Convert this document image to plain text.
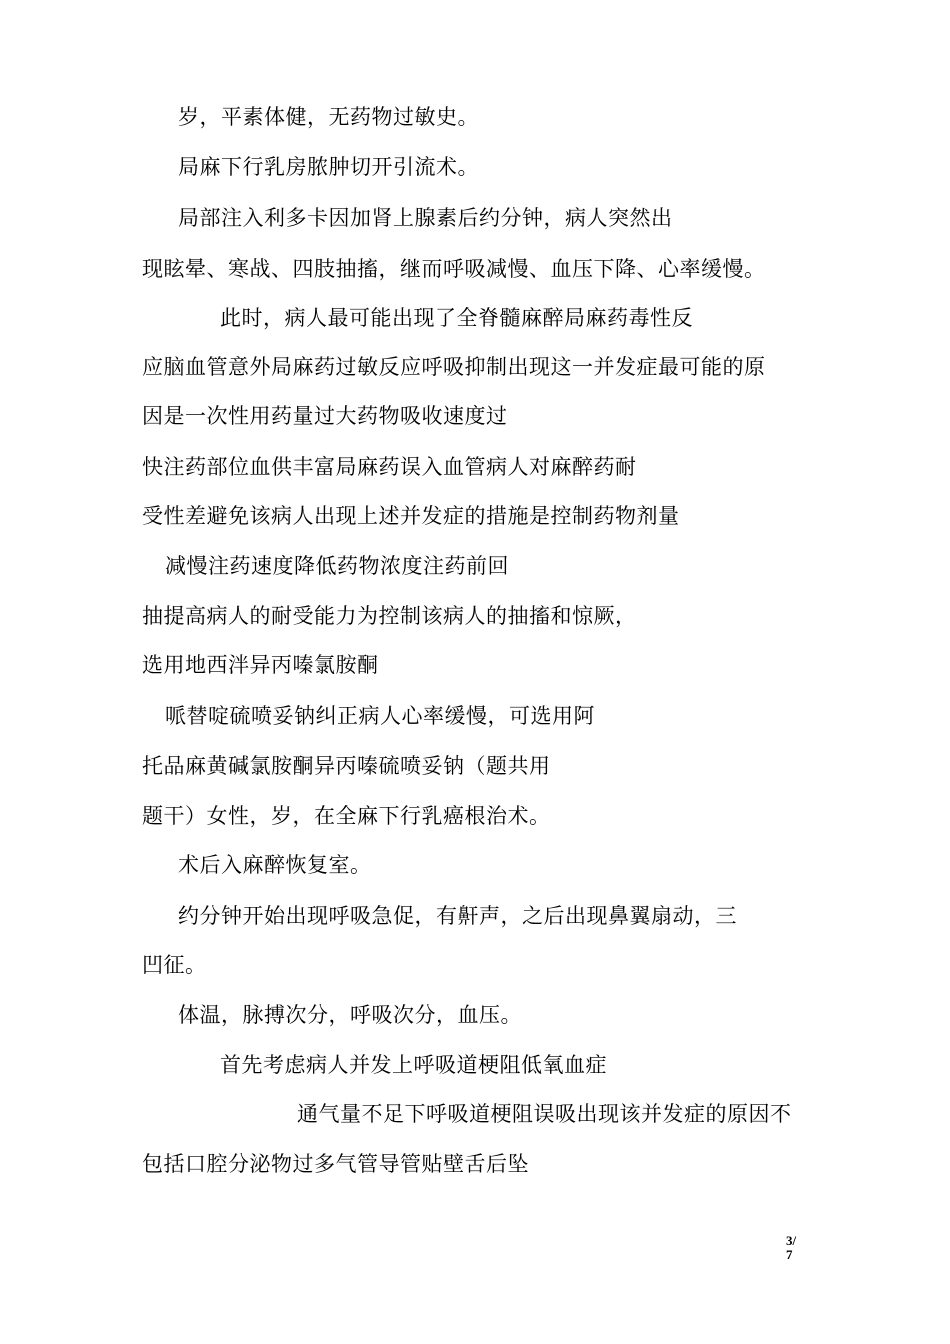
岁，平素体健，无药物过敏史。
局麻下行乳房脓肿切开引流术。
局部注入利多卡因加肾上腺素后约分钟，病人突然出
现眩晕、寒战、四肢抽搐，继而呼吸减慢、血压下降、心率缓慢。
此时，病人最可能出现了全脊髓麻醉局麻药毒性反
应脑血管意外局麻药过敏反应呼吸抑制出现这一并发症最可能的原
因是一次性用药量过大药物吸收速度过
快注药部位血供丰富局麻药误入血管病人对麻醉药耐
受性差避免该病人出现上述并发症的措施是控制药物剂量
减慢注药速度降低药物浓度注药前回
抽提高病人的耐受能力为控制该病人的抽搐和惊厥，
选用地西泮异丙嗪氯胺酮
哌替啶硫喷妥钠纠正病人心率缓慢，可选用阿
托品麻黄碱氯胺酮异丙嗪硫喷妥钠（题共用
题干）女性，岁，在全麻下行乳癌根治术。
术后入麻醉恢复室。
约分钟开始出现呼吸急促，有鼾声，之后出现鼻翼扇动，三
凹征。
体温，脉搏次分，呼吸次分，血压。
首先考虑病人并发上呼吸道梗阻低氧血症
通气量不足下呼吸道梗阻误吸出现该并发症的原因不
包括口腔分泌物过多气管导管贴壁舌后坠
3/
7
